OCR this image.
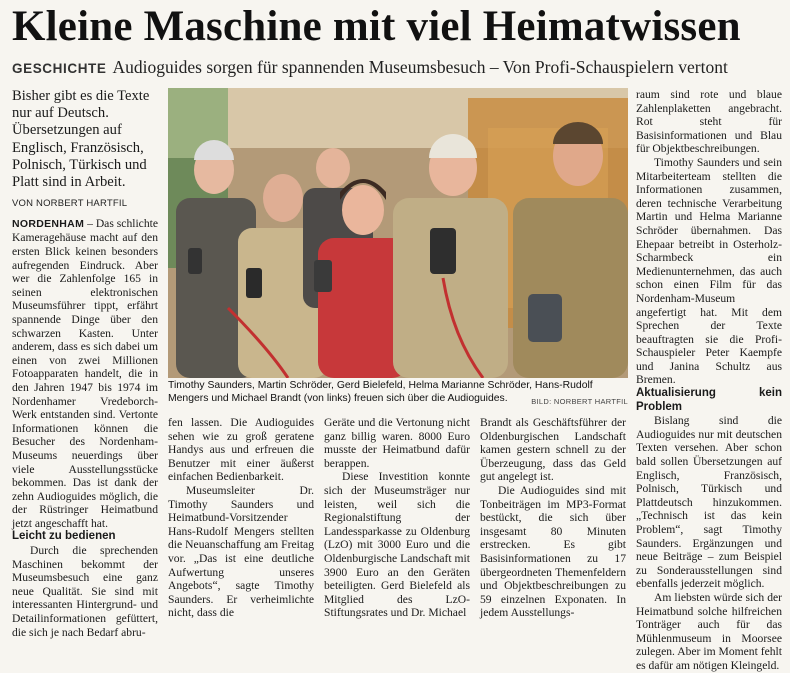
Kleine Maschine mit viel Heimatwissen
GESCHICHTE Audioguides sorgen für spannenden Museumsbesuch – Von Profi-Schauspielern vertont

Bisher gibt es die Texte nur auf Deutsch. Übersetzungen auf Englisch, Französisch, Polnisch, Türkisch und Platt sind in Arbeit.

VON NORBERT HARTFIL

NORDENHAM – Das schlichte Kameragehäuse macht auf den ersten Blick keinen besonders aufregenden Eindruck. Aber wer die Zahlenfolge 165 in seinen elektronischen Museumsführer tippt, erfährt spannende Dinge über den schwarzen Kasten. Unter anderem, dass es sich dabei um einen von zwei Millionen Fotoapparaten handelt, die in den Jahren 1947 bis 1974 im Nordenhamer Vredeborch-Werk entstanden sind. Vertonte Informationen können die Besucher des Nordenham-Museums neuerdings über viele Ausstellungsstücke bekommen. Das ist dank der zehn Audioguides möglich, die der Rüstringer Heimatbund jetzt angeschafft hat.

Leicht zu bedienen

Durch die sprechenden Maschinen bekommt der Museumsbesuch eine ganz neue Qualität. Sie sind mit interessanten Hintergrund- und Detailinformationen gefüttert, die sich je nach Bedarf abru-

Timothy Saunders, Martin Schröder, Gerd Bielefeld, Helma Marianne Schröder, Hans-Rudolf Mengers und Michael Brandt (von links) freuen sich über die Audioguides.	BILD: NORBERT HARTFIL

fen lassen. Die Audioguides sehen wie zu groß geratene Handys aus und erfreuen die Benutzer mit einer äußerst einfachen Bedienbarkeit.

Museumsleiter Dr. Timothy Saunders und Heimatbund-Vorsitzender Hans-Rudolf Mengers stellten die Neuanschaffung am Freitag vor. „Das ist eine deutliche Aufwertung unseres Angebots“, sagte Timothy Saunders. Er verheimlichte nicht, dass die

Geräte und die Vertonung nicht ganz billig waren. 8000 Euro musste der Heimatbund dafür berappen.

Diese Investition konnte sich der Museumsträger nur leisten, weil sich die Regionalstiftung der Landessparkasse zu Oldenburg (LzO) mit 3000 Euro und die Oldenburgische Landschaft mit 3900 Euro an den Geräten beteiligten. Gerd Bielefeld als Mitglied des LzO-Stiftungsrates und Dr. Michael

Brandt als Geschäftsführer der Oldenburgischen Landschaft kamen gestern schnell zu der Überzeugung, dass das Geld gut angelegt ist.

Die Audioguides sind mit Tonbeiträgen im MP3-Format bestückt, die sich über insgesamt 80 Minuten erstrecken. Es gibt Basisinformationen zu 17 übergeordneten Themenfeldern und Objektbeschreibungen zu 59 einzelnen Exponaten. In jedem Ausstellungs-

raum sind rote und blaue Zahlenplaketten angebracht. Rot steht für Basisinformationen und Blau für Objektbeschreibungen.

Timothy Saunders und sein Mitarbeiterteam stellten die Informationen zusammen, deren technische Verarbeitung Martin und Helma Marianne Schröder übernahmen. Das Ehepaar betreibt in Osterholz-Scharmbeck ein Medienunternehmen, das auch schon einen Film für das Nordenham-Museum angefertigt hat. Mit dem Sprechen der Texte beauftragten sie die Profi-Schauspieler Peter Kaempfe und Janina Schultz aus Bremen.

Aktualisierung kein Problem

Bislang sind die Audioguides nur mit deutschen Texten versehen. Aber schon bald sollen Übersetzungen auf Englisch, Französisch, Polnisch, Türkisch und Plattdeutsch hinzukommen. „Technisch ist das kein Problem“, sagt Timothy Saunders. Ergänzungen und neue Beiträge – zum Beispiel zu Sonderausstellungen sind ebenfalls jederzeit möglich.

Am liebsten würde sich der Heimatbund solche hilfreichen Tonträger auch für das Mühlenmuseum in Moorsee zulegen. Aber im Moment fehlt es dafür am nötigen Kleingeld.
